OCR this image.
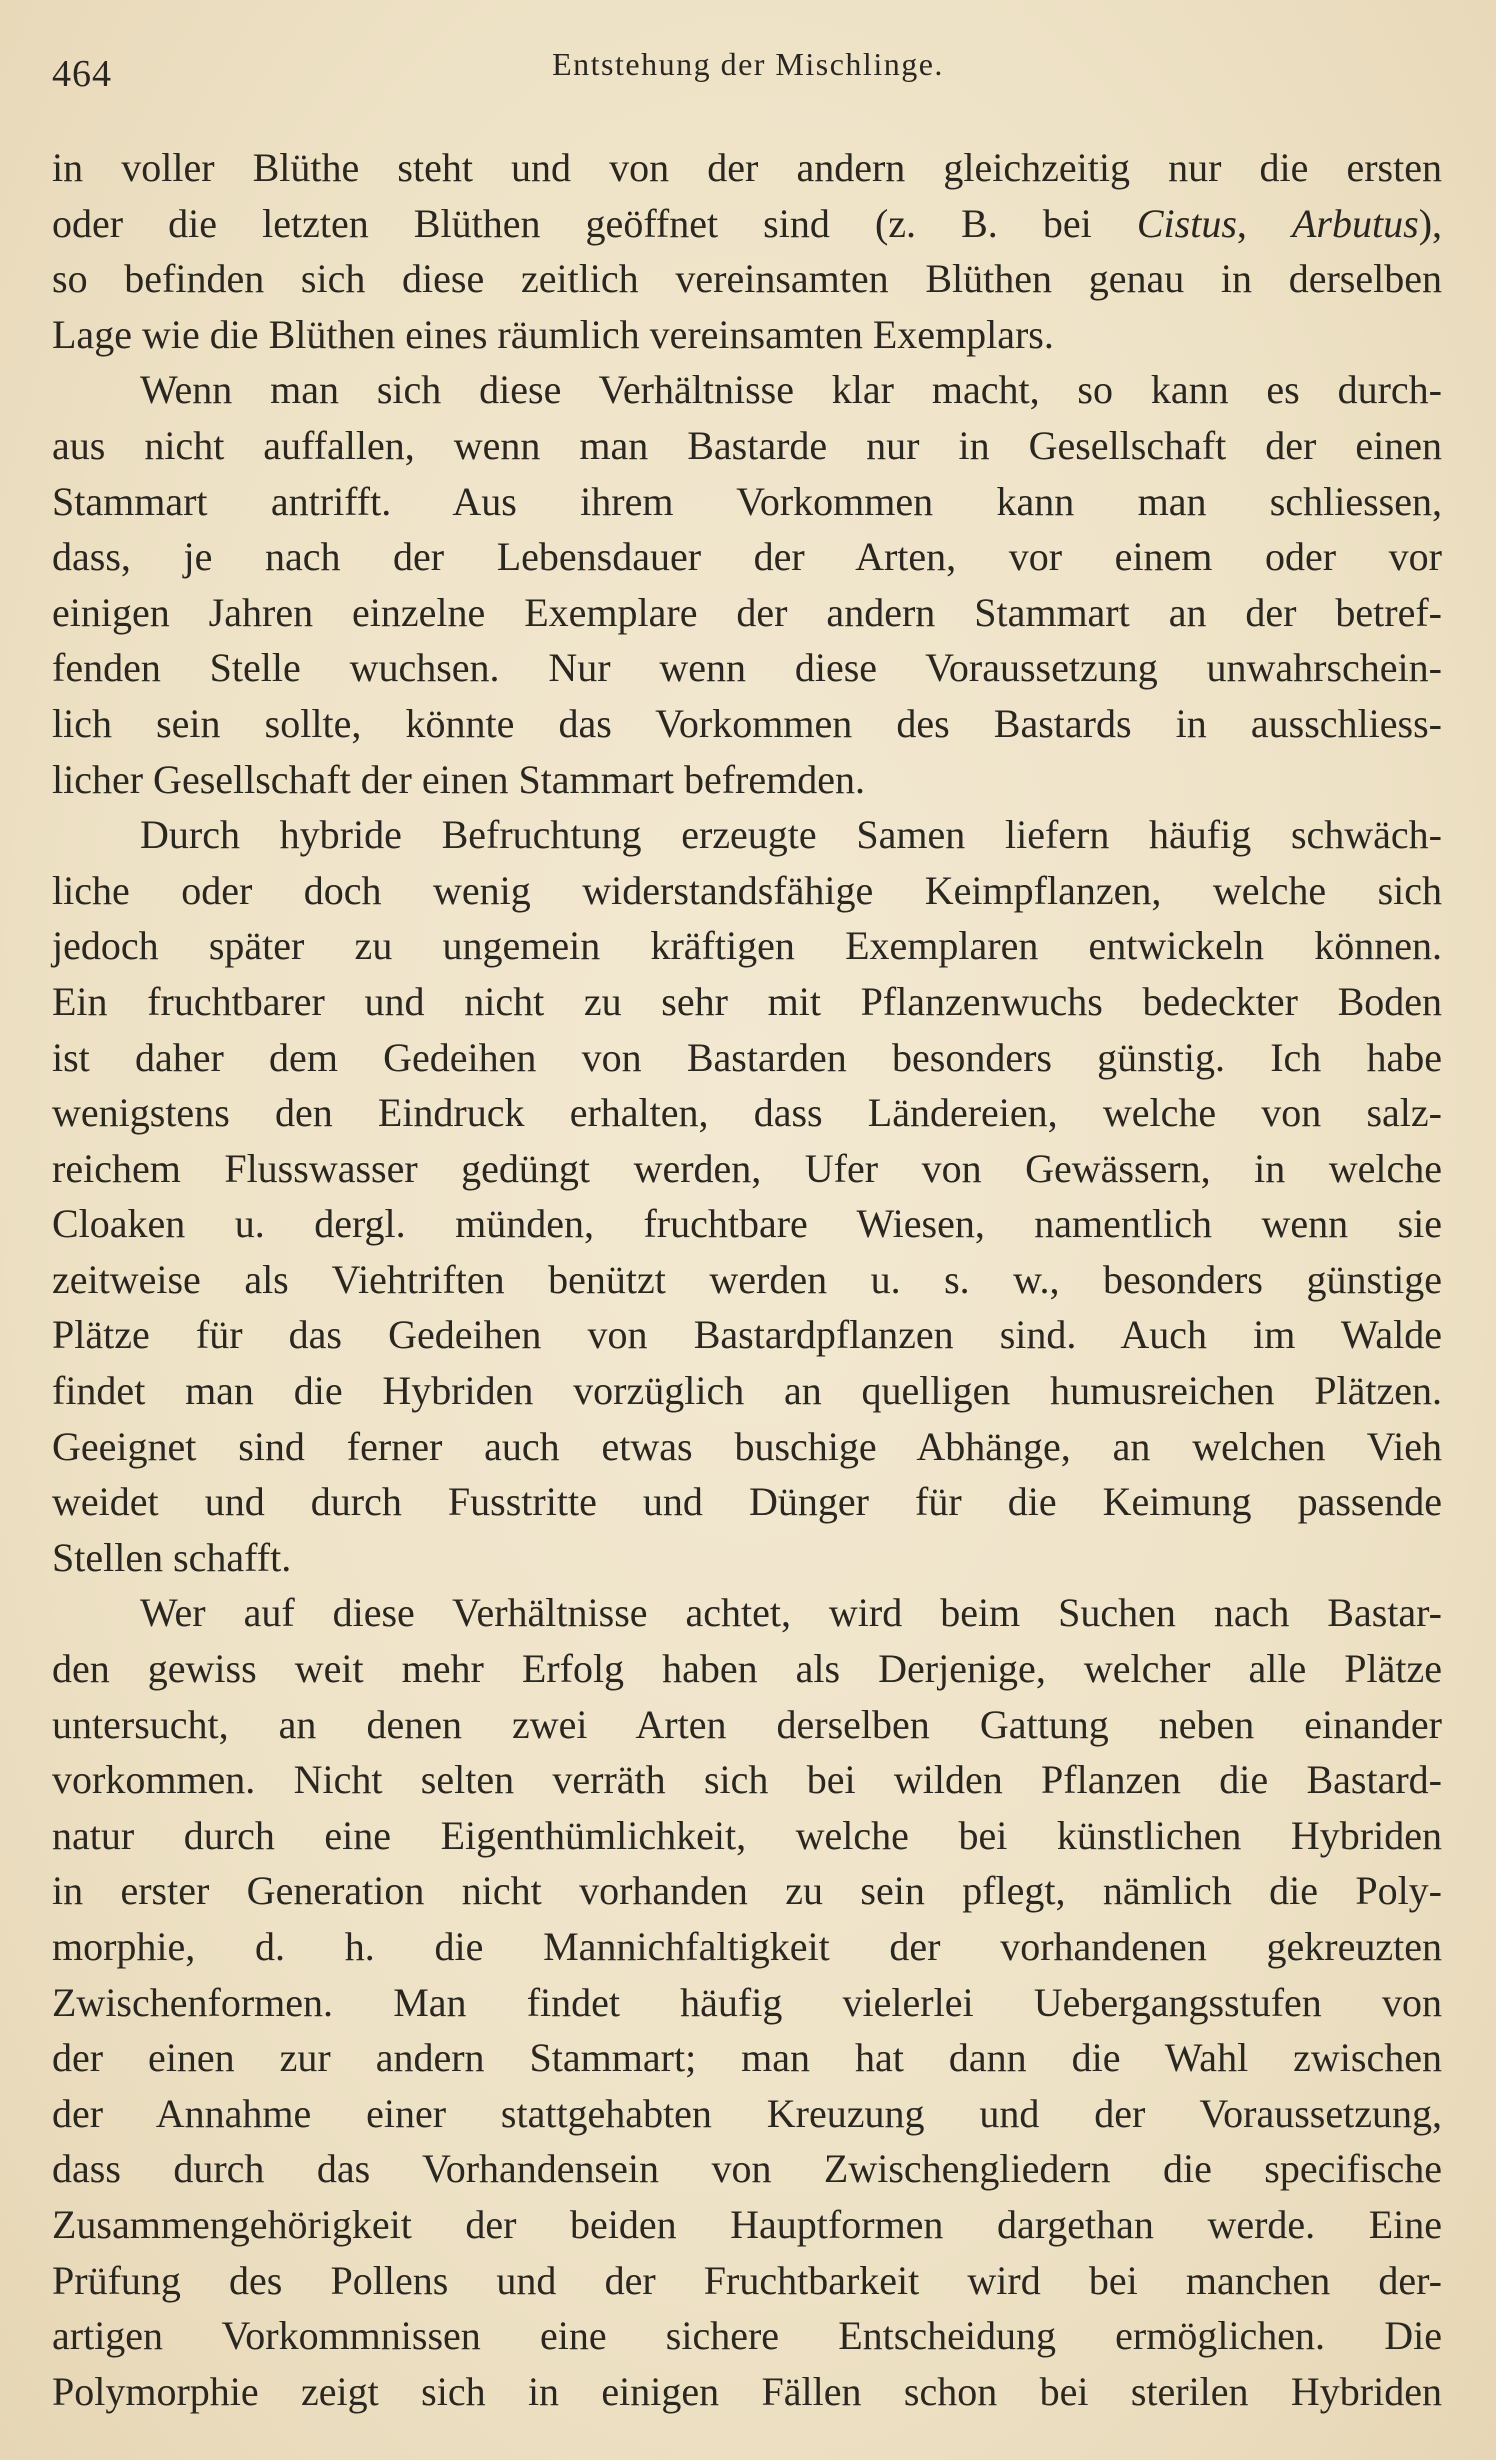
464	Entstehung der Mischlinge.
in voller Blüthe steht und von der andern gleichzeitig nur die ersten
oder die letzten Blüthen geöffnet sind (z. B. bei Cistus, Arbutus),
so befinden sich diese zeitlich vereinsamten Blüthen genau in derselben
Lage wie die Blüthen eines räumlich vereinsamten Exemplars.
Wenn man sich diese Verhältnisse klar macht, so kann es durch-
aus nicht auffallen, wenn man Bastarde nur in Gesellschaft der einen
Stammart antrifft. Aus ihrem Vorkommen kann man schliessen,
dass, je nach der Lebensdauer der Arten, vor einem oder vor
einigen Jahren einzelne Exemplare der andern Stammart an der betref-
fenden Stelle wuchsen. Nur wenn diese Voraussetzung unwahrschein-
lich sein sollte, könnte das Vorkommen des Bastards in ausschliess-
licher Gesellschaft der einen Stammart befremden.
Durch hybride Befruchtung erzeugte Samen liefern häufig schwäch-
liche oder doch wenig widerstandsfähige Keimpflanzen, welche sich
jedoch später zu ungemein kräftigen Exemplaren entwickeln können.
Ein fruchtbarer und nicht zu sehr mit Pflanzenwuchs bedeckter Boden
ist daher dem Gedeihen von Bastarden besonders günstig. Ich habe
wenigstens den Eindruck erhalten, dass Ländereien, welche von salz-
reichem Flusswasser gedüngt werden, Ufer von Gewässern, in welche
Cloaken u. dergl. münden, fruchtbare Wiesen, namentlich wenn sie
zeitweise als Viehtriften benützt werden u. s. w., besonders günstige
Plätze für das Gedeihen von Bastardpflanzen sind. Auch im Walde
findet man die Hybriden vorzüglich an quelligen humusreichen Plätzen.
Geeignet sind ferner auch etwas buschige Abhänge, an welchen Vieh
weidet und durch Fusstritte und Dünger für die Keimung passende
Stellen schafft.
Wer auf diese Verhältnisse achtet, wird beim Suchen nach Bastar-
den gewiss weit mehr Erfolg haben als Derjenige, welcher alle Plätze
untersucht, an denen zwei Arten derselben Gattung neben einander
vorkommen. Nicht selten verräth sich bei wilden Pflanzen die Bastard-
natur durch eine Eigenthümlichkeit, welche bei künstlichen Hybriden
in erster Generation nicht vorhanden zu sein pflegt, nämlich die Poly-
morphie, d. h. die Mannichfaltigkeit der vorhandenen gekreuzten
Zwischenformen. Man findet häufig vielerlei Uebergangsstufen von
der einen zur andern Stammart; man hat dann die Wahl zwischen
der Annahme einer stattgehabten Kreuzung und der Voraussetzung,
dass durch das Vorhandensein von Zwischengliedern die specifische
Zusammengehörigkeit der beiden Hauptformen dargethan werde. Eine
Prüfung des Pollens und der Fruchtbarkeit wird bei manchen der-
artigen Vorkommnissen eine sichere Entscheidung ermöglichen. Die
Polymorphie zeigt sich in einigen Fällen schon bei sterilen Hybriden
